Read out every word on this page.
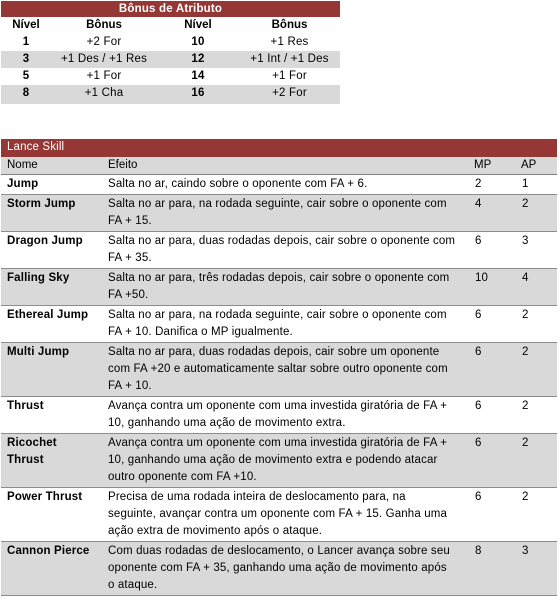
Bônus de Atributo			
Nível	Bônus	Nível	Bônus
1	+2 For	10	+1 Res
3	+1 Des / +1 Res	12	+1 Int / +1 Des
5	+1 For	14	+1 For
8	+1 Cha	16	+2 For
Lance Skill			
Nome	Efeito	MP	AP
Jump	Salta no ar, caindo sobre o oponente com FA + 6.	2	1
Storm Jump	Salta no ar para, na rodada seguinte, cair sobre o oponente com FA + 15.	4	2
Dragon Jump	Salta no ar para, duas rodadas depois, cair sobre o oponente com FA + 35.	6	3
Falling Sky	Salta no ar para, três rodadas depois, cair sobre o oponente com FA +50.	10	4
Ethereal Jump	Salta no ar para, na rodada seguinte, cair sobre o oponente com FA + 10. Danifica o MP igualmente.	6	2
Multi Jump	Salta no ar para, duas rodadas depois, cair sobre um oponente com FA +20 e automaticamente saltar sobre outro oponente com FA + 10.	6	2
Thrust	Avança contra um oponente com uma investida giratória de FA + 10, ganhando uma ação de movimento extra.	6	2
Ricochet Thrust	Avança contra um oponente com uma investida giratória de FA + 10, ganhando uma ação de movimento extra e podendo atacar outro oponente com FA +10.	6	2
Power Thrust	Precisa de uma rodada inteira de deslocamento para, na seguinte, avançar contra um oponente com FA + 15. Ganha uma ação extra de movimento após o ataque.	6	2
Cannon Pierce	Com duas rodadas de deslocamento, o Lancer avança sobre seu oponente com FA + 35, ganhando uma ação de movimento após o ataque.	8	3
